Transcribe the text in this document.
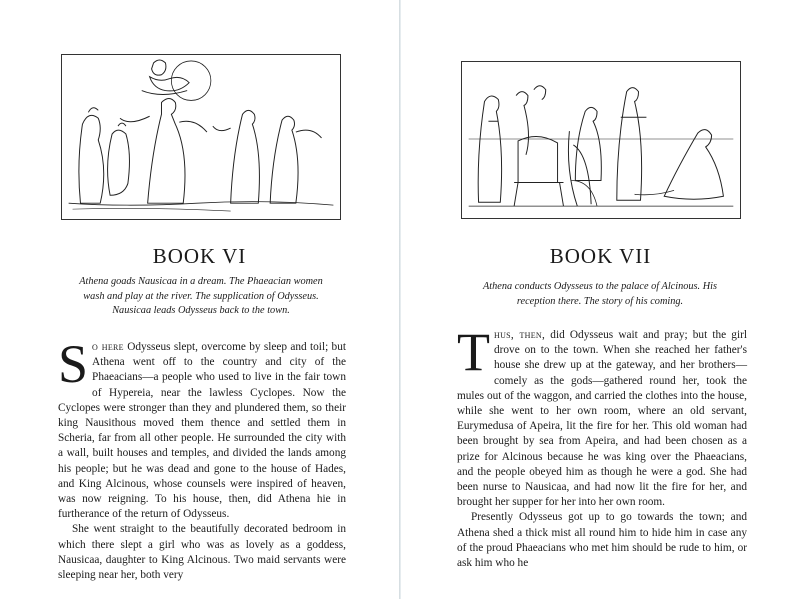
BOOK VI

Athena goads Nausicaa in a dream. The Phaeacian women wash and play at the river. The supplication of Odysseus. Nausicaa leads Odysseus back to the town.

So here Odysseus slept, overcome by sleep and toil; but Athena went off to the country and city of the Phaeacians—a people who used to live in the fair town of Hypereia, near the lawless Cyclopes. Now the Cyclopes were stronger than they and plundered them, so their king Nausithous moved them thence and settled them in Scheria, far from all other people. He surrounded the city with a wall, built houses and temples, and divided the lands among his people; but he was dead and gone to the house of Hades, and King Alcinous, whose counsels were inspired of heaven, was now reigning. To his house, then, did Athena hie in furtherance of the return of Odysseus.

She went straight to the beautifully decorated bedroom in which there slept a girl who was as lovely as a goddess, Nausicaa, daughter to King Alcinous. Two maid servants were sleeping near her, both very

BOOK VII

Athena conducts Odysseus to the palace of Alcinous. His reception there. The story of his coming.

Thus, then, did Odysseus wait and pray; but the girl drove on to the town. When she reached her father's house she drew up at the gateway, and her brothers—comely as the gods—gathered round her, took the mules out of the waggon, and carried the clothes into the house, while she went to her own room, where an old servant, Eurymedusa of Apeira, lit the fire for her. This old woman had been brought by sea from Apeira, and had been chosen as a prize for Alcinous because he was king over the Phaeacians, and the people obeyed him as though he were a god. She had been nurse to Nausicaa, and had now lit the fire for her, and brought her supper for her into her own room.

Presently Odysseus got up to go towards the town; and Athena shed a thick mist all round him to hide him in case any of the proud Phaeacians who met him should be rude to him, or ask him who he
